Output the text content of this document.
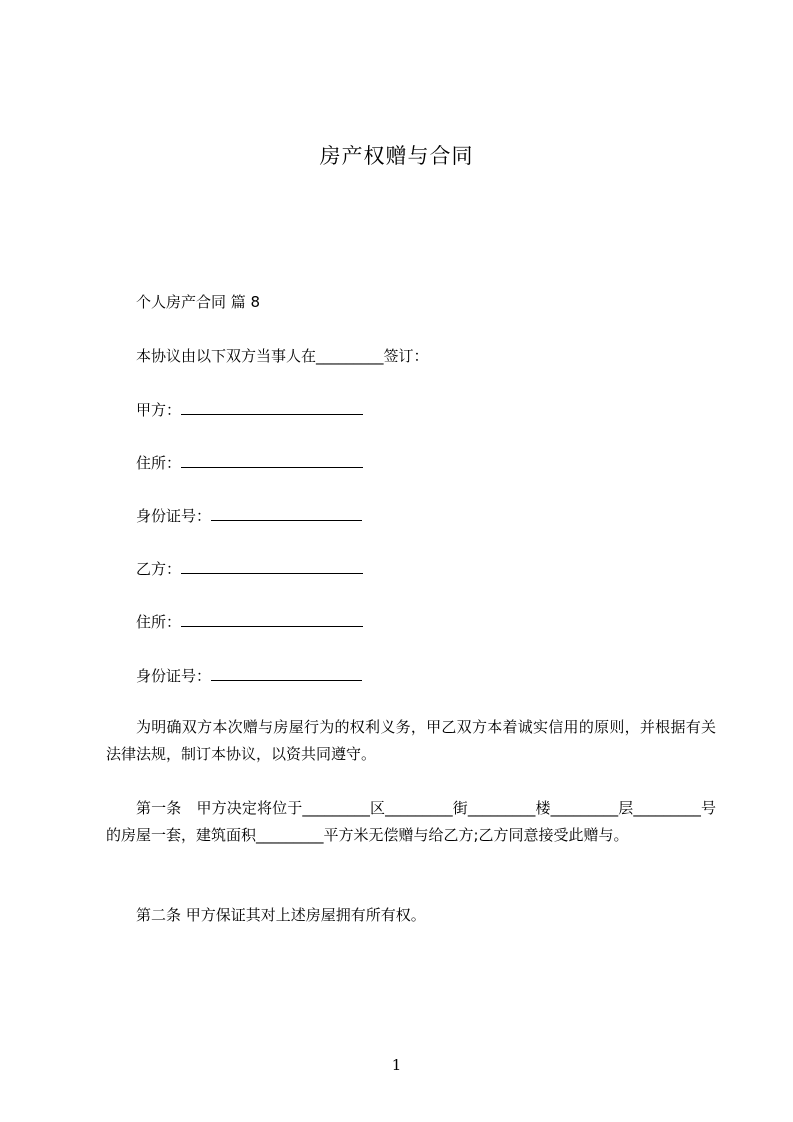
房产权赠与合同
个人房产合同 篇 8
本协议由以下双方当事人在_________签订：
甲方：
住所：
身份证号：
乙方：
住所：
身份证号：
为明确双方本次赠与房屋行为的权利义务，甲乙双方本着诚实信用的原则，并根据有关法律法规，制订本协议，以资共同遵守。
第一条　甲方决定将位于_________区_________街_________楼_________层_________号的房屋一套，建筑面积_________平方米无偿赠与给乙方;乙方同意接受此赠与。
第二条 甲方保证其对上述房屋拥有所有权。
1
